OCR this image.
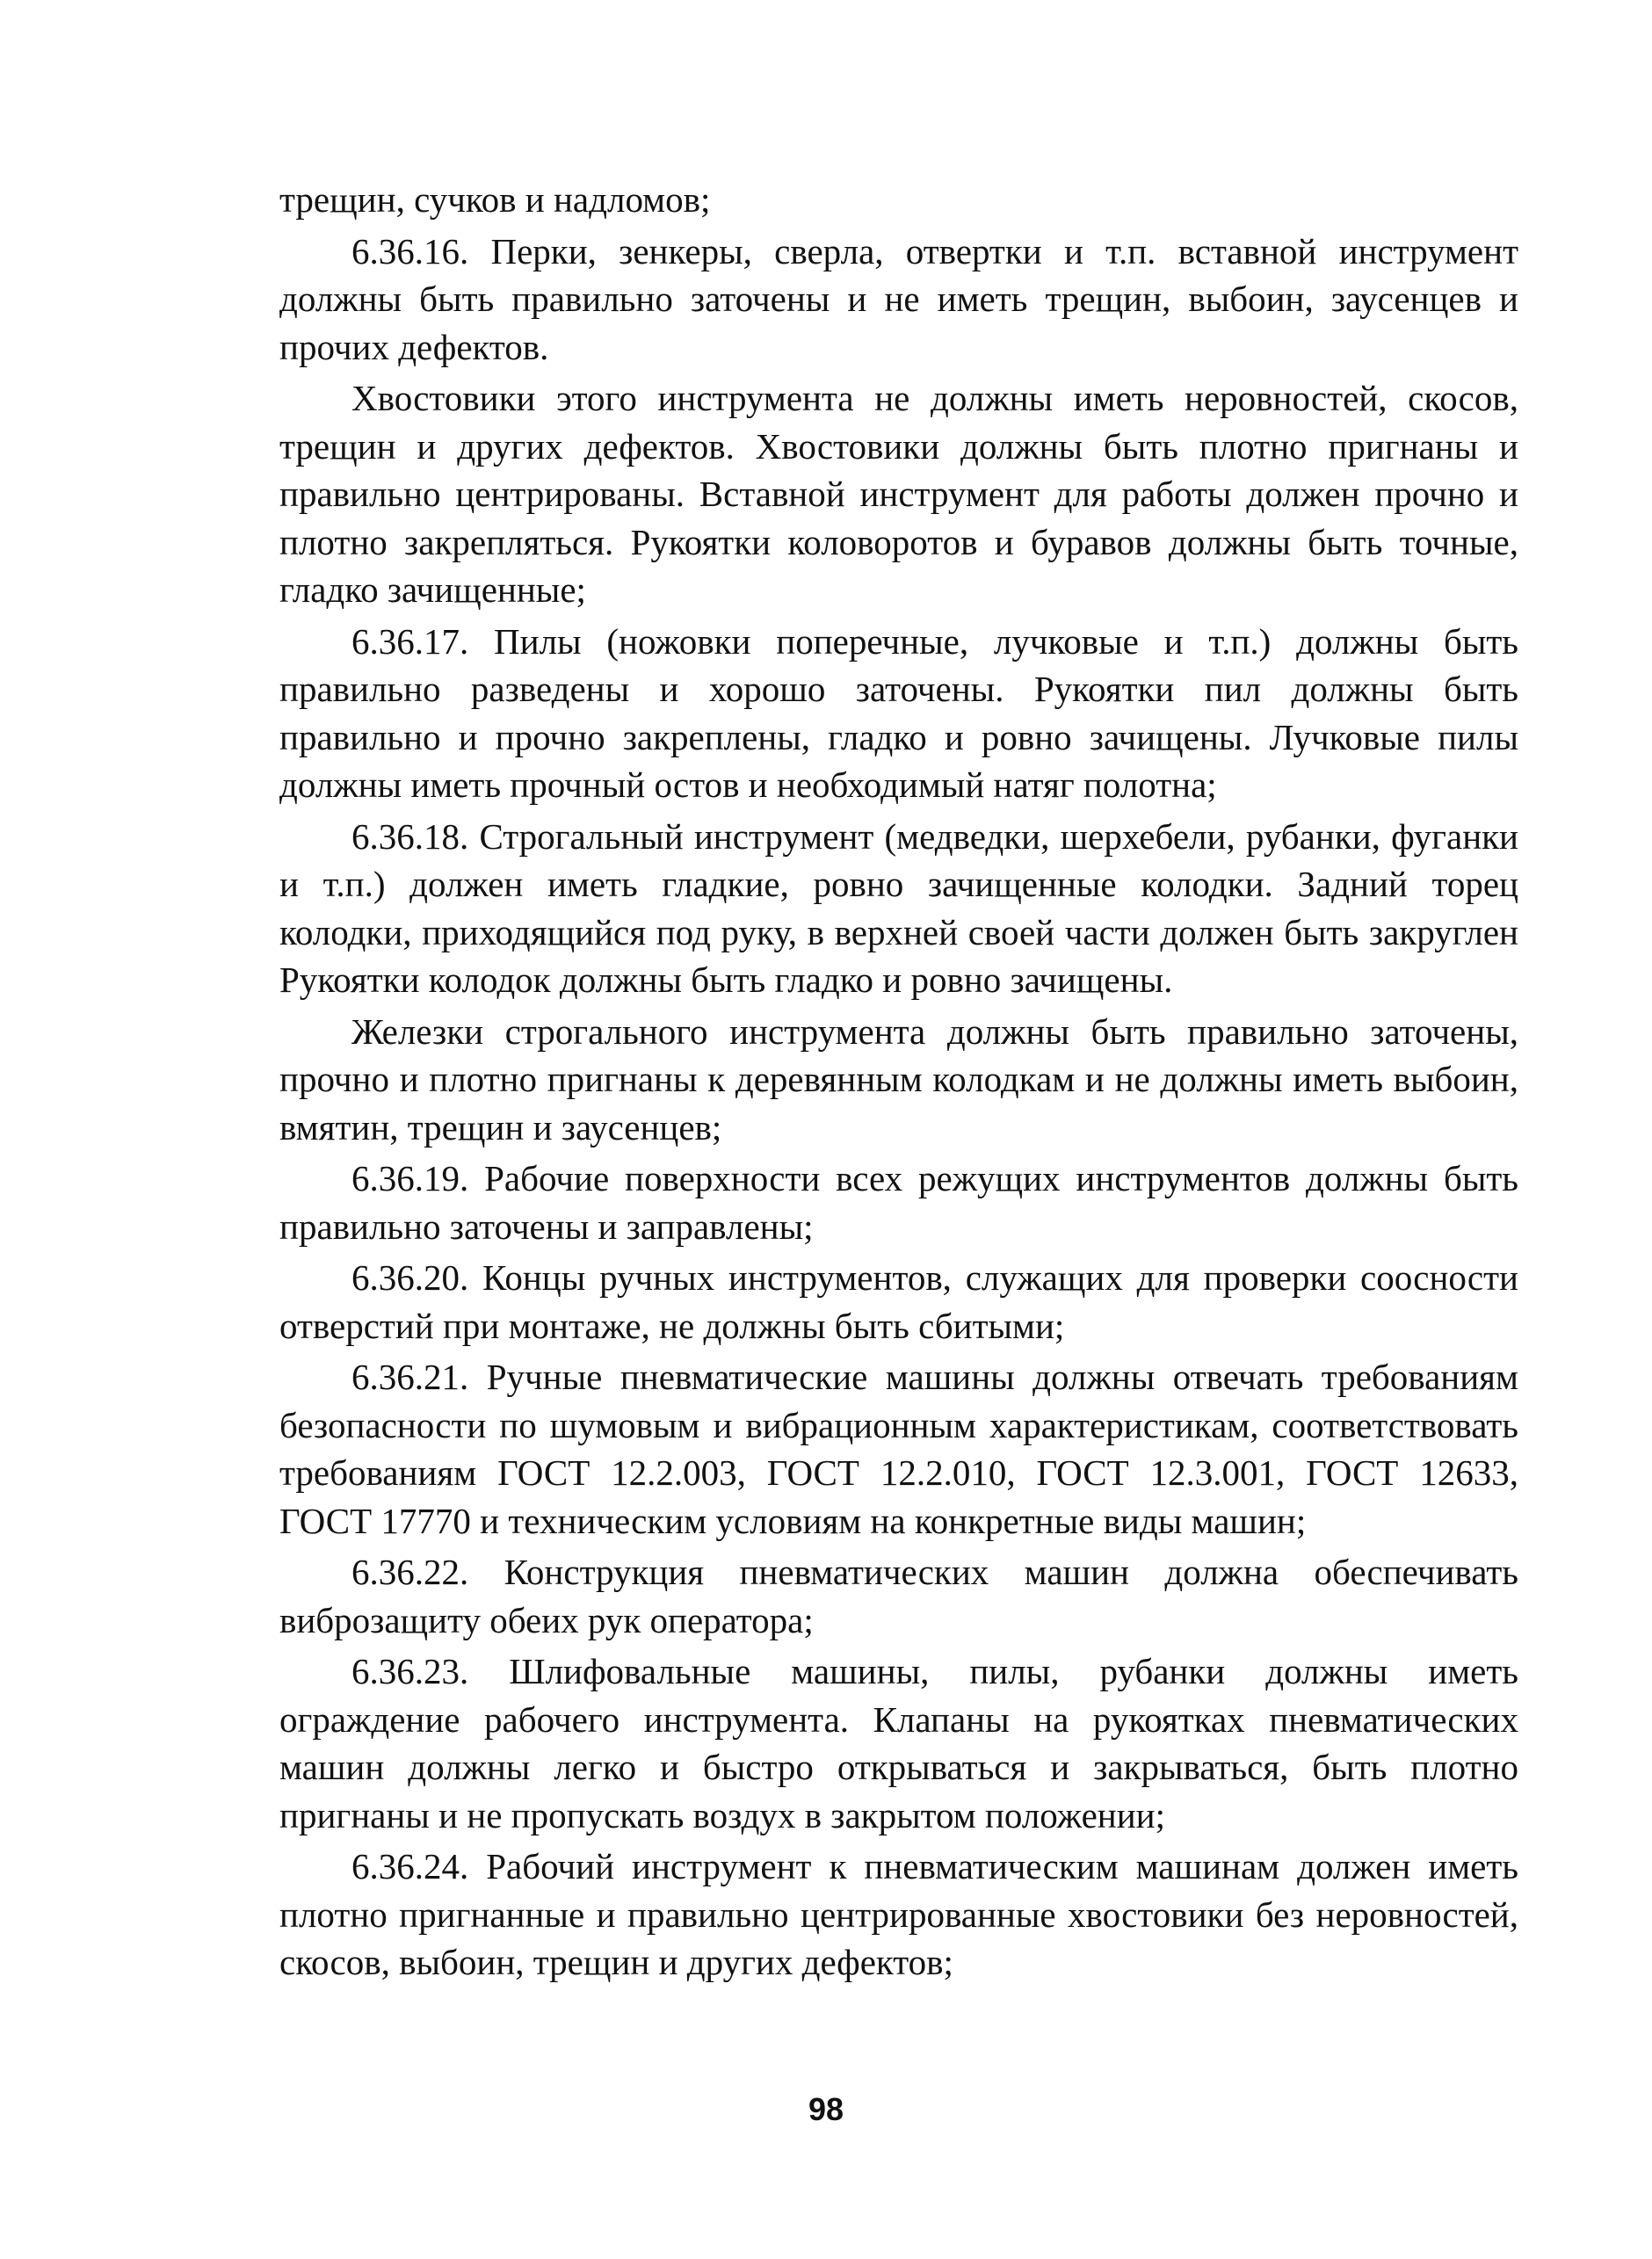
трещин, сучков и надломов;

6.36.16. Перки, зенкеры, сверла, отвертки и т.п. вставной инструмент должны быть правильно заточены и не иметь трещин, выбоин, заусенцев и прочих дефектов.

Хвостовики этого инструмента не должны иметь неровностей, скосов, трещин и других дефектов. Хвостовики должны быть плотно пригнаны и правильно центрированы. Вставной инструмент для работы должен прочно и плотно закрепляться. Рукоятки коловоротов и буравов должны быть точные, гладко зачищенные;

6.36.17. Пилы (ножовки поперечные, лучковые и т.п.) должны быть правильно разведены и хорошо заточены. Рукоятки пил должны быть правильно и прочно закреплены, гладко и ровно зачищены. Лучковые пилы должны иметь прочный остов и необходимый натяг полотна;

6.36.18. Строгальный инструмент (медведки, шерхебели, рубанки, фуганки и т.п.) должен иметь гладкие, ровно зачищенные колодки. Задний торец колодки, приходящийся под руку, в верхней своей части должен быть закруглен Рукоятки колодок должны быть гладко и ровно зачищены.

Железки строгального инструмента должны быть правильно заточены, прочно и плотно пригнаны к деревянным колодкам и не должны иметь выбоин, вмятин, трещин и заусенцев;

6.36.19. Рабочие поверхности всех режущих инструментов должны быть правильно заточены и заправлены;

6.36.20. Концы ручных инструментов, служащих для проверки соосности отверстий при монтаже, не должны быть сбитыми;

6.36.21. Ручные пневматические машины должны отвечать требованиям безопасности по шумовым и вибрационным характеристикам, соответствовать требованиям ГОСТ 12.2.003, ГОСТ 12.2.010, ГОСТ 12.3.001, ГОСТ 12633, ГОСТ 17770 и техническим условиям на конкретные виды машин;

6.36.22. Конструкция пневматических машин должна обеспечивать виброзащиту обеих рук оператора;

6.36.23. Шлифовальные машины, пилы, рубанки должны иметь ограждение рабочего инструмента. Клапаны на рукоятках пневматических машин должны легко и быстро открываться и закрываться, быть плотно пригнаны и не пропускать воздух в закрытом положении;

6.36.24. Рабочий инструмент к пневматическим машинам должен иметь плотно пригнанные и правильно центрированные хвостовики без неровностей, скосов, выбоин, трещин и других дефектов;

98
